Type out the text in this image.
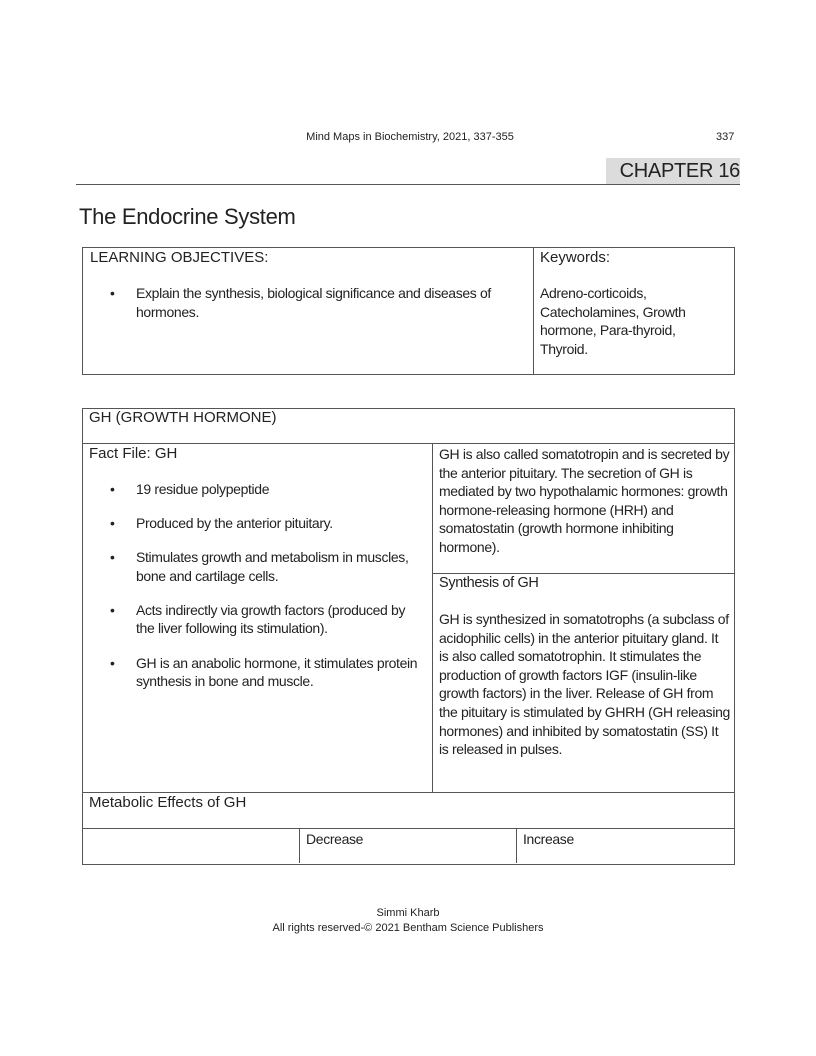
Mind Maps in Biochemistry, 2021, 337-355	337
CHAPTER 16
The Endocrine System
LEARNING OBJECTIVES:
• Explain the synthesis, biological significance and diseases of hormones.
Keywords:
Adreno-corticoids, Catecholamines, Growth hormone, Para-thyroid, Thyroid.
GH (GROWTH HORMONE)
Fact File: GH
• 19 residue polypeptide
• Produced by the anterior pituitary.
• Stimulates growth and metabolism in muscles, bone and cartilage cells.
• Acts indirectly via growth factors (produced by the liver following its stimulation).
• GH is an anabolic hormone, it stimulates protein synthesis in bone and muscle.
GH is also called somatotropin and is secreted by the anterior pituitary. The secretion of GH is mediated by two hypothalamic hormones: growth hormone-releasing hormone (HRH) and somatostatin (growth hormone inhibiting hormone).
Synthesis of GH
GH is synthesized in somatotrophs (a subclass of acidophilic cells) in the anterior pituitary gland. It is also called somatotrophin. It stimulates the production of growth factors IGF (insulin-like growth factors) in the liver. Release of GH from the pituitary is stimulated by GHRH (GH releasing hormones) and inhibited by somatostatin (SS) It is released in pulses.
Metabolic Effects of GH
Decrease	Increase
Simmi Kharb
All rights reserved-© 2021 Bentham Science Publishers
